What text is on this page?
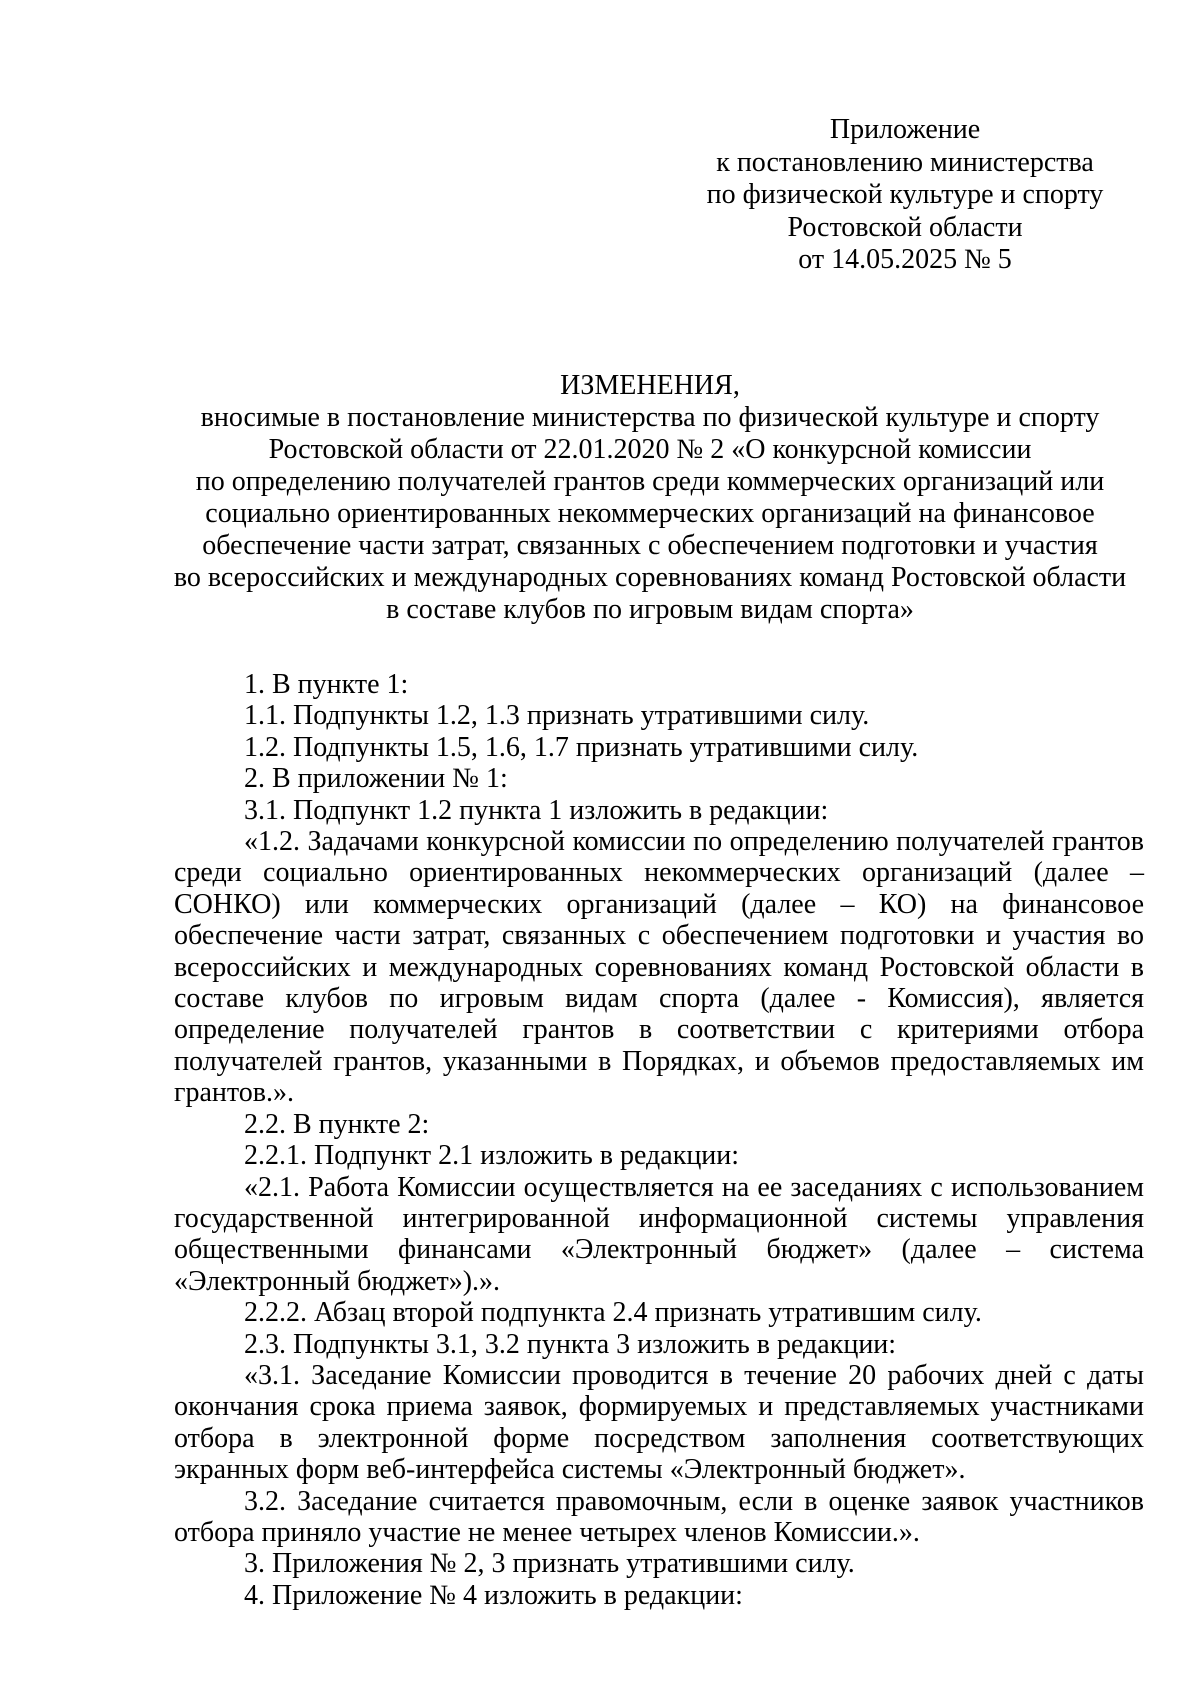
Приложение
к постановлению министерства
по физической культуре и спорту
Ростовской области
от 14.05.2025 № 5
ИЗМЕНЕНИЯ,
вносимые в постановление министерства по физической культуре и спорту
Ростовской области от 22.01.2020 № 2 «О конкурсной комиссии
по определению получателей грантов среди коммерческих организаций или
социально ориентированных некоммерческих организаций на финансовое
обеспечение части затрат, связанных с обеспечением подготовки и участия
во всероссийских и международных соревнованиях команд Ростовской области
в составе клубов по игровым видам спорта»

1. В пункте 1:

1.1. Подпункты 1.2, 1.3 признать утратившими силу.

1.2. Подпункты 1.5, 1.6, 1.7 признать утратившими силу.

2. В приложении № 1:

3.1. Подпункт 1.2 пункта 1 изложить в редакции:

«1.2. Задачами конкурсной комиссии по определению получателей грантов среди социально ориентированных некоммерческих организаций (далее – СОНКО) или коммерческих организаций (далее – КО) на финансовое обеспечение части затрат, связанных с обеспечением подготовки и участия во всероссийских и международных соревнованиях команд Ростовской области в составе клубов по игровым видам спорта (далее - Комиссия), является определение получателей грантов в соответствии с критериями отбора получателей грантов, указанными в Порядках, и объемов предоставляемых им грантов.».

2.2. В пункте 2:

2.2.1. Подпункт 2.1 изложить в редакции:

«2.1. Работа Комиссии осуществляется на ее заседаниях с использованием государственной интегрированной информационной системы управления общественными финансами «Электронный бюджет» (далее – система «Электронный бюджет»).».

2.2.2. Абзац второй подпункта 2.4 признать утратившим силу.

2.3. Подпункты 3.1, 3.2 пункта 3 изложить в редакции:

«3.1. Заседание Комиссии проводится в течение 20 рабочих дней с даты окончания срока приема заявок, формируемых и представляемых участниками отбора в электронной форме посредством заполнения соответствующих экранных форм веб-интерфейса системы «Электронный бюджет».

3.2. Заседание считается правомочным, если в оценке заявок участников отбора приняло участие не менее четырех членов Комиссии.».

3. Приложения № 2, 3 признать утратившими силу.

4. Приложение № 4 изложить в редакции:
